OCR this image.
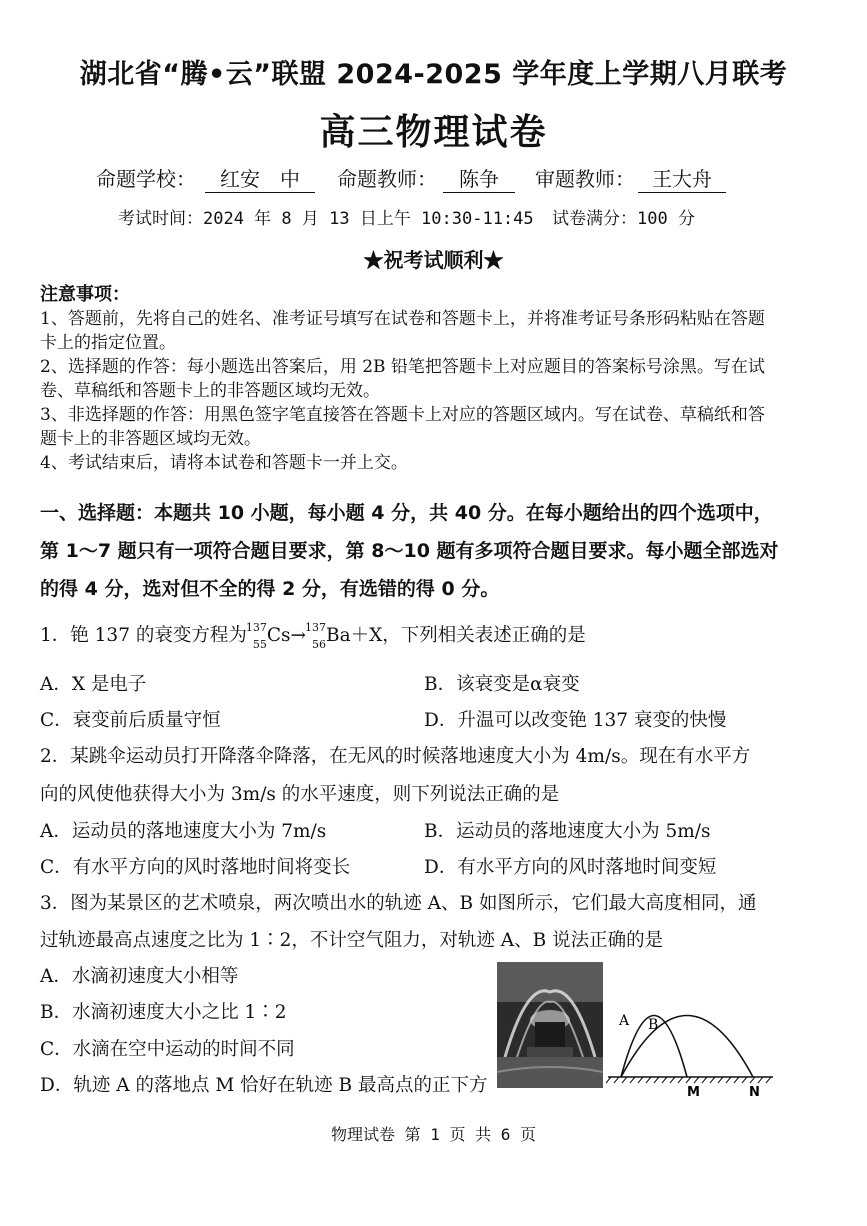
湖北省“腾•云”联盟 2024-2025 学年度上学期八月联考
高三物理试卷
命题学校：	红安　中	命题教师：	陈争	审题教师： 王大舟
考试时间：2024 年 8 月 13 日上午 10:30-11:45 试卷满分：100 分
★祝考试顺利★
注意事项：
1、答题前，先将自己的姓名、准考证号填写在试卷和答题卡上，并将准考证号条形码粘贴在答题卡上的指定位置。
2、选择题的作答：每小题选出答案后，用 2B 铅笔把答题卡上对应题目的答案标号涂黑。写在试卷、草稿纸和答题卡上的非答题区域均无效。
3、非选择题的作答：用黑色签字笔直接答在答题卡上对应的答题区域内。写在试卷、草稿纸和答题卡上的非答题区域均无效。
4、考试结束后，请将本试卷和答题卡一并上交。
一、选择题：本题共 10 小题，每小题 4 分，共 40 分。在每小题给出的四个选项中，第 1～7 题只有一项符合题目要求，第 8～10 题有多项符合题目要求。每小题全部选对的得 4 分，选对但不全的得 2 分，有选错的得 0 分。
1．铯 137 的衰变方程为 137
55 Cs→ 137
56 Ba＋X，下列相关表述正确的是
A．X 是电子	B．该衰变是α衰变
C．衰变前后质量守恒	D．升温可以改变铯 137 衰变的快慢
2．某跳伞运动员打开降落伞降落，在无风的时候落地速度大小为 4m/s。现在有水平方
向的风使他获得大小为 3m/s 的水平速度，则下列说法正确的是
A．运动员的落地速度大小为 7m/s	B．运动员的落地速度大小为 5m/s
C．有水平方向的风时落地时间将变长	D．有水平方向的风时落地时间变短
3．图为某景区的艺术喷泉，两次喷出水的轨迹 A、B 如图所示，它们最大高度相同，通
过轨迹最高点速度之比为 1∶2，不计空气阻力，对轨迹 A、B 说法正确的是
A．水滴初速度大小相等
B．水滴初速度大小之比 1∶2
C．水滴在空中运动的时间不同
D．轨迹 A 的落地点 M 恰好在轨迹 B 最高点的正下方
A B
M	N
物理试卷 第 1 页 共 6 页
